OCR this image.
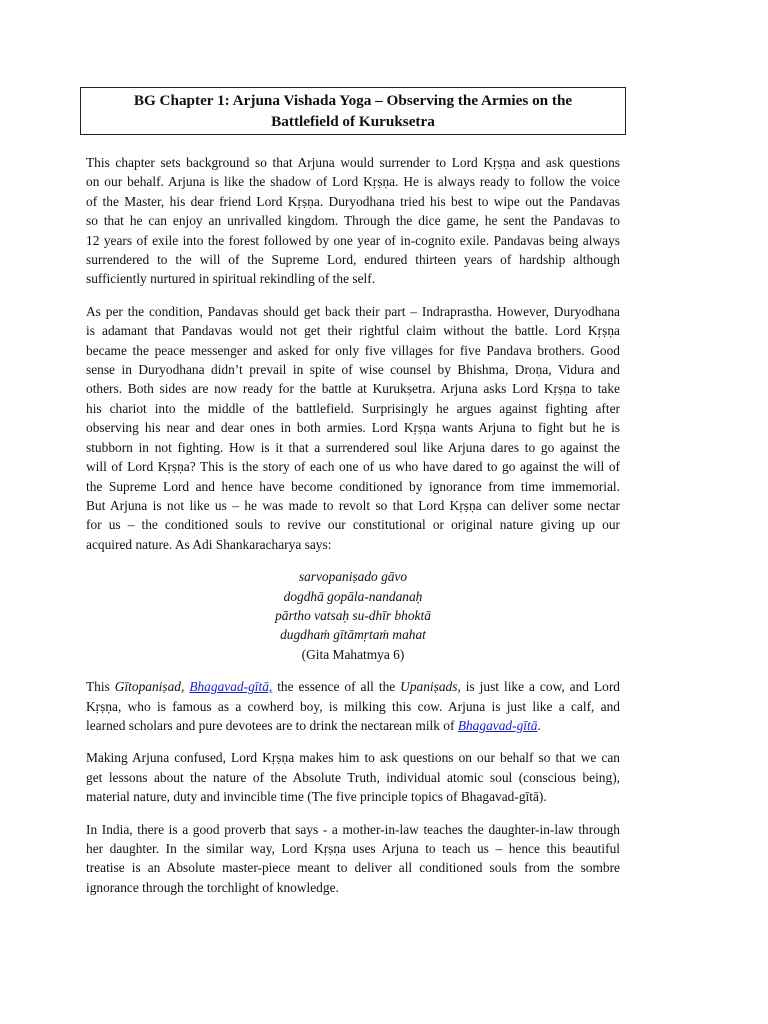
BG Chapter 1: Arjuna Vishada Yoga – Observing the Armies on the
Battlefield of Kuruksetra

This chapter sets background so that Arjuna would surrender to Lord Kṛṣṇa and ask questions
on our behalf. Arjuna is like the shadow of Lord Kṛṣṇa. He is always ready to follow the voice
of the Master, his dear friend Lord Kṛṣṇa. Duryodhana tried his best to wipe out the Pandavas
so that he can enjoy an unrivalled kingdom. Through the dice game, he sent the Pandavas to
12 years of exile into the forest followed by one year of in-cognito exile. Pandavas being always
surrendered to the will of the Supreme Lord, endured thirteen years of hardship although
sufficiently nurtured in spiritual rekindling of the self.

As per the condition, Pandavas should get back their part – Indraprastha. However, Duryodhana
is adamant that Pandavas would not get their rightful claim without the battle. Lord Kṛṣṇa
became the peace messenger and asked for only five villages for five Pandava brothers. Good
sense in Duryodhana didn’t prevail in spite of wise counsel by Bhishma, Droṇa, Vidura and
others. Both sides are now ready for the battle at Kurukṣetra. Arjuna asks Lord Kṛṣṇa to take
his chariot into the middle of the battlefield. Surprisingly he argues against fighting after
observing his near and dear ones in both armies. Lord Kṛṣṇa wants Arjuna to fight but he is
stubborn in not fighting. How is it that a surrendered soul like Arjuna dares to go against the
will of Lord Kṛṣṇa? This is the story of each one of us who have dared to go against the will of
the Supreme Lord and hence have become conditioned by ignorance from time immemorial.
But Arjuna is not like us – he was made to revolt so that Lord Kṛṣṇa can deliver some nectar
for us – the conditioned souls to revive our constitutional or original nature giving up our
acquired nature. As Adi Shankaracharya says:

sarvopaniṣado gāvo
dogdhā gopāla-nandanaḥ
pārtho vatsaḥ su-dhīr bhoktā
dugdhaṁ gītāmṛtaṁ mahat
(Gita Mahatmya 6)

This Gītopaniṣad, Bhagavad-gītā, the essence of all the Upaniṣads, is just like a cow, and Lord
Kṛṣṇa, who is famous as a cowherd boy, is milking this cow. Arjuna is just like a calf, and
learned scholars and pure devotees are to drink the nectarean milk of Bhagavad-gītā.

Making Arjuna confused, Lord Kṛṣṇa makes him to ask questions on our behalf so that we can
get lessons about the nature of the Absolute Truth, individual atomic soul (conscious being),
material nature, duty and invincible time (The five principle topics of Bhagavad-gītā).

In India, there is a good proverb that says - a mother-in-law teaches the daughter-in-law through
her daughter. In the similar way, Lord Kṛṣṇa uses Arjuna to teach us – hence this beautiful
treatise is an Absolute master-piece meant to deliver all conditioned souls from the sombre
ignorance through the torchlight of knowledge.
